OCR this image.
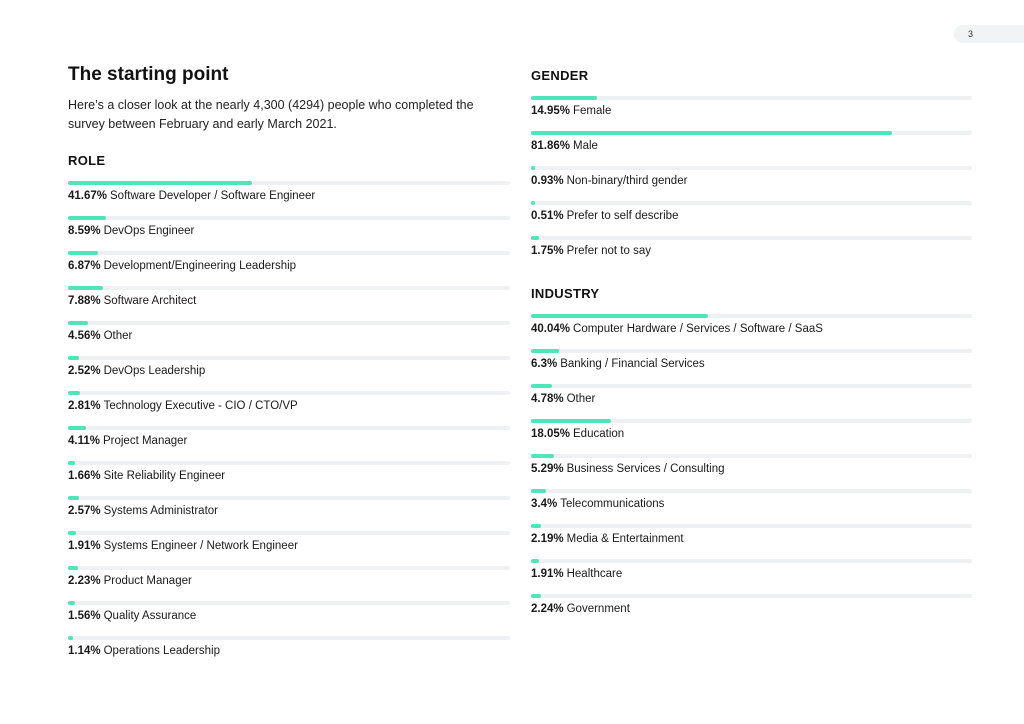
3
The starting point

Here’s a closer look at the nearly 4,300 (4294) people who completed the survey between February and early March 2021.

ROLE
41.67% Software Developer / Software Engineer
8.59% DevOps Engineer
6.87% Development/Engineering Leadership
7.88% Software Architect
4.56% Other
2.52% DevOps Leadership
2.81% Technology Executive - CIO / CTO/VP
4.11% Project Manager
1.66% Site Reliability Engineer
2.57% Systems Administrator
1.91% Systems Engineer / Network Engineer
2.23% Product Manager
1.56% Quality Assurance
1.14% Operations Leadership
GENDER
14.95% Female
81.86% Male
0.93% Non-binary/third gender
0.51% Prefer to self describe
1.75% Prefer not to say
INDUSTRY
40.04% Computer Hardware / Services / Software / SaaS
6.3% Banking / Financial Services
4.78% Other
18.05% Education
5.29% Business Services / Consulting
3.4% Telecommunications
2.19% Media & Entertainment
1.91% Healthcare
2.24% Government
